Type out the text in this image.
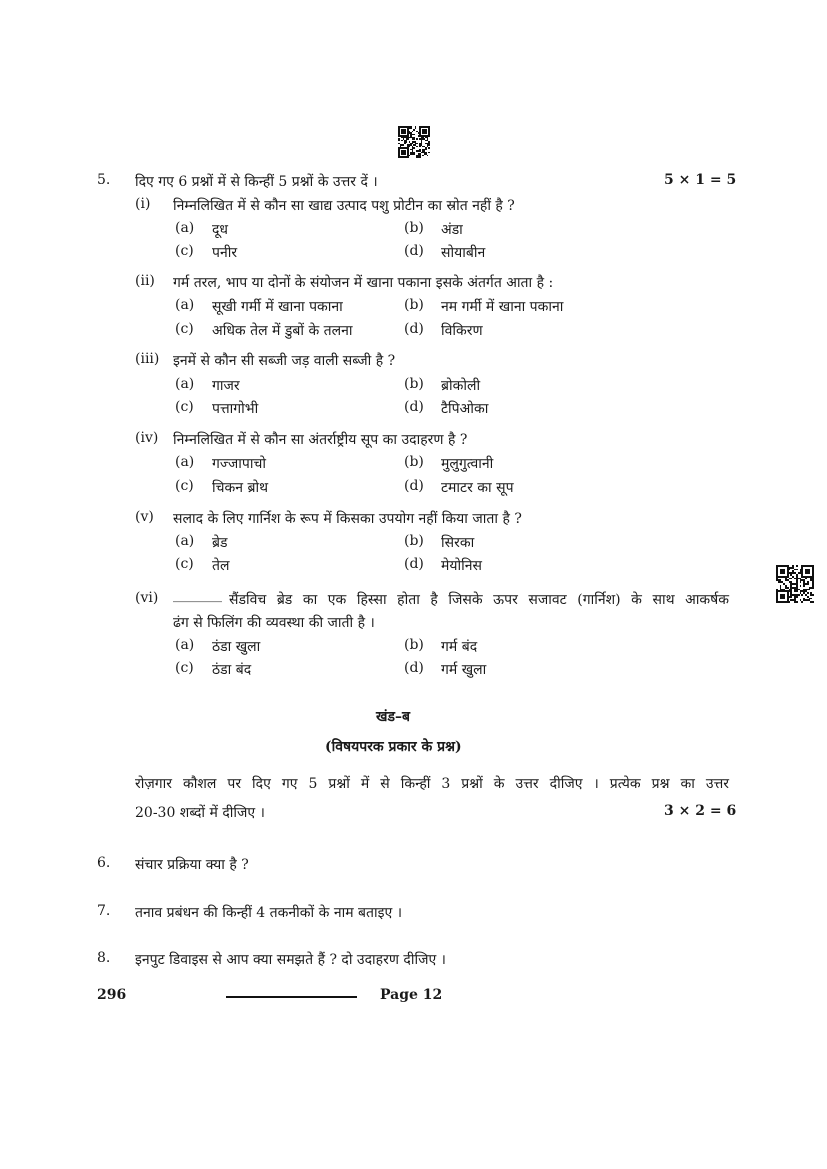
5. दिए गए 6 प्रश्नों में से किन्हीं 5 प्रश्नों के उत्तर दें ।	5 × 1 = 5
(i) निम्नलिखित में से कौन सा खाद्य उत्पाद पशु प्रोटीन का स्रोत नहीं है ?
(a) दूध	(b) अंडा
(c) पनीर	(d) सोयाबीन
(ii) गर्म तरल, भाप या दोनों के संयोजन में खाना पकाना इसके अंतर्गत आता है :
(a) सूखी गर्मी में खाना पकाना	(b) नम गर्मी में खाना पकाना
(c) अधिक तेल में डुबों के तलना	(d) विकिरण
(iii) इनमें से कौन सी सब्जी जड़ वाली सब्जी है ?
(a) गाजर	(b) ब्रोकोली
(c) पत्तागोभी	(d) टैपिओका
(iv) निम्नलिखित में से कौन सा अंतर्राष्ट्रीय सूप का उदाहरण है ?
(a) गज्जापाचो	(b) मुलुगुत्वानी
(c) चिकन ब्रोथ	(d) टमाटर का सूप
(v) सलाद के लिए गार्निश के रूप में किसका उपयोग नहीं किया जाता है ?
(a) ब्रेड	(b) सिरका
(c) तेल	(d) मेयोनिस
(vi) _______ सैंडविच ब्रेड का एक हिस्सा होता है जिसके ऊपर सजावट (गार्निश) के साथ आकर्षक
ढंग से फिलिंग की व्यवस्था की जाती है ।
(a) ठंडा खुला	(b) गर्म बंद
(c) ठंडा बंद	(d) गर्म खुला
खंड–ब
(विषयपरक प्रकार के प्रश्न)
रोज़गार कौशल पर दिए गए 5 प्रश्नों में से किन्हीं 3 प्रश्नों के उत्तर दीजिए । प्रत्येक प्रश्न का उत्तर
20-30 शब्दों में दीजिए ।	3 × 2 = 6
6. संचार प्रक्रिया क्या है ?
7. तनाव प्रबंधन की किन्हीं 4 तकनीकों के नाम बताइए ।
8. इनपुट डिवाइस से आप क्या समझते हैं ? दो उदाहरण दीजिए ।
296	Page 12
